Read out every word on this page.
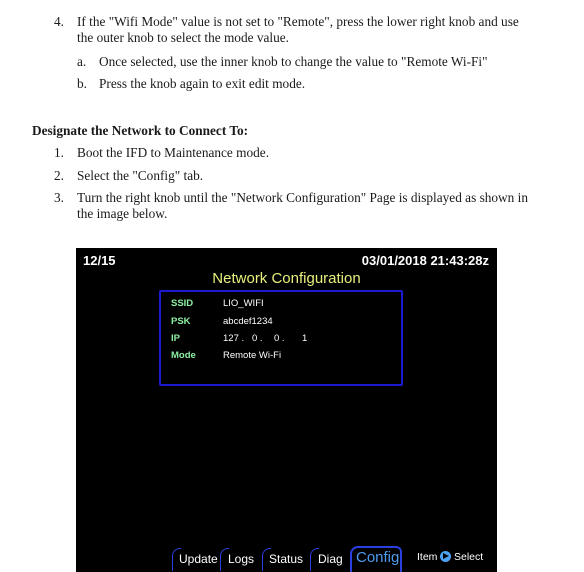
4. If the "Wifi Mode" value is not set to "Remote", press the lower right knob and use
the outer knob to select the mode value.
a. Once selected, use the inner knob to change the value to "Remote Wi-Fi"
b. Press the knob again to exit edit mode.
Designate the Network to Connect To:
1. Boot the IFD to Maintenance mode.
2. Select the "Config" tab.
3. Turn the right knob until the "Network Configuration" Page is displayed as shown in
the image below.
12/15	03/01/2018 21:43:28z
Network Configuration
SSID	LIO_WIFI
PSK	abcdef1234
IP	127 . 0 . 0 . 1
Mode	Remote Wi-Fi
Update Logs Status Diag Config Item Select
